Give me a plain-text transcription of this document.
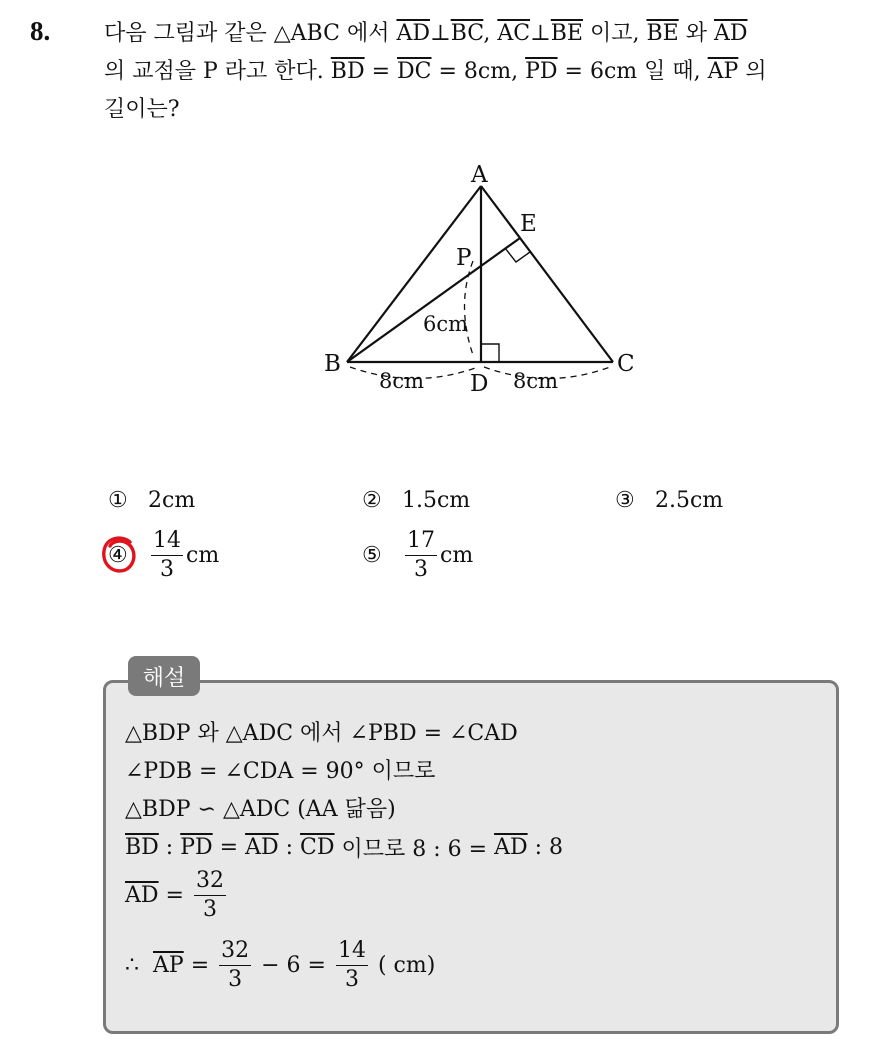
8. 다음 그림과 같은 △ABC 에서 $\overline{AD}\perp\overline{BC}$, $\overline{AC}\perp\overline{BE}$ 이고, $\overline{BE}$ 와 $\overline{AD}$
의 교점을 P 라고 한다. $\overline{BD} = \overline{DC} = 8cm$, $\overline{PD} = 6cm$ 일 때, $\overline{AP}$ 의
길이는?
A
B	C
D
E
P
6cm
8cm	8cm
① 2cm	② 1.5cm	③ 2.5cm
④	$\frac{14}{3}$ cm	⑤	$\frac{17}{3}$ cm
해설
△BDP 와 △ADC 에서 ∠PBD = ∠CAD
∠PDB = ∠CDA = 90° 이므로
△BDP ∽ △ADC (AA 닮음)
$\overline{BD}$ : $\overline{PD} = \overline{AD}$ : $\overline{CD}$ 이므로 8 : $6 = \overline{AD}$ : 8
$\overline{AD} = \frac{32}{3}$
∴ $\overline{AP} = \frac{32}{3} - 6 = \frac{14}{3}$ ( cm)
